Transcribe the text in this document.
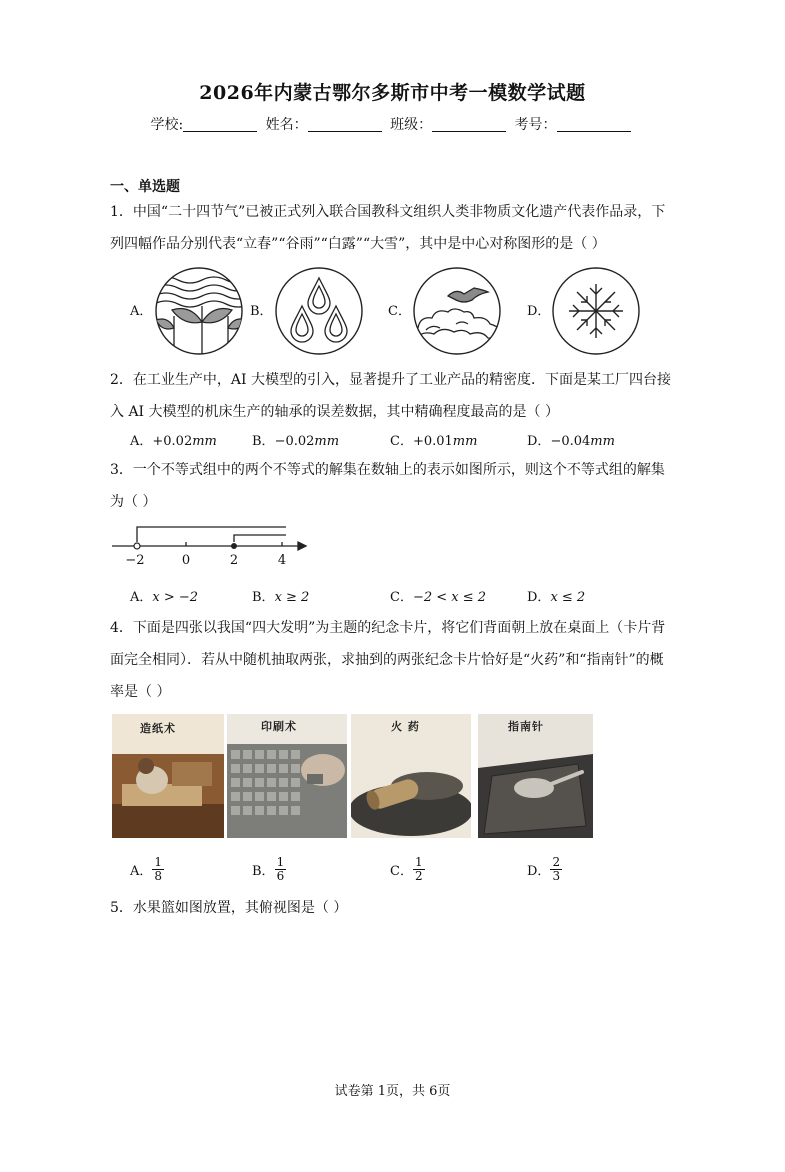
2026年内蒙古鄂尔多斯市中考一模数学试题
学校:	姓名：	班级：	考号：
一、单选题
1．中国“二十四节气”已被正式列入联合国教科文组织人类非物质文化遗产代表作品录，下
列四幅作品分别代表“立春”“谷雨”“白露”“大雪”，其中是中心对称图形的是（ ）
A．	B．	C．	D．
2．在工业生产中，AI 大模型的引入，显著提升了工业产品的精密度．下面是某工厂四台接
入 AI 大模型的机床生产的轴承的误差数据，其中精确程度最高的是（ ）
A．+0.02mm	B．−0.02mm	C．+0.01mm	D．−0.04mm
3．一个不等式组中的两个不等式的解集在数轴上的表示如图所示，则这个不等式组的解集
为（ ）
−2	0	2	4
A．x > −2	B．x ≥ 2	C．−2 < x ≤ 2	D．x ≤ 2
4．下面是四张以我国“四大发明”为主题的纪念卡片，将它们背面朝上放在桌面上（卡片背
面完全相同）．若从中随机抽取两张，求抽到的两张纪念卡片恰好是“火药”和“指南针”的概
率是（ ）
造纸术	印刷术	火 药	指南针
A． $\frac{1}{8}$	B． $\frac{1}{6}$	C． $\frac{1}{2}$	D． $\frac{2}{3}$
5．水果篮如图放置，其俯视图是（ ）
试卷第 1页，共 6页
